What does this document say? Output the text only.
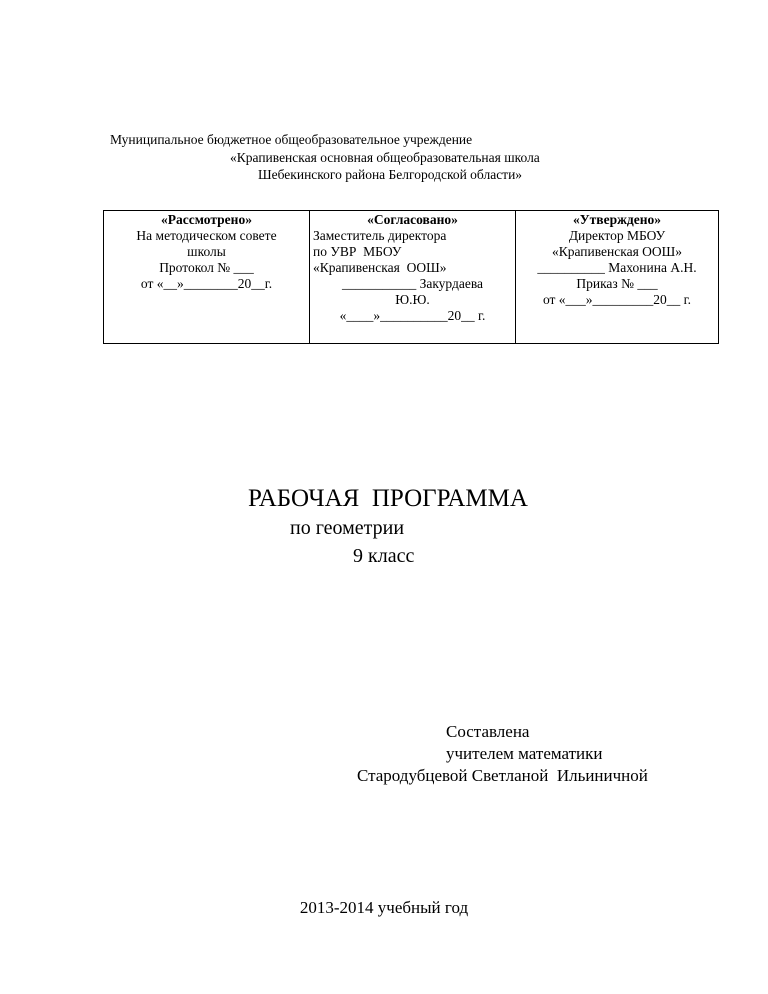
Муниципальное бюджетное общеобразовательное учреждение
«Крапивенская основная общеобразовательная школа
Шебекинского района Белгородской области»
«Рассмотрено»
На методическом совете
школы
Протокол № ___
от «__»________20__г.

«Согласовано»
Заместитель директора
по УВР  МБОУ
«Крапивенская  ООШ»
___________ Закурдаева
Ю.Ю.
«____»__________20__ г.

«Утверждено»
Директор МБОУ
«Крапивенская ООШ»
__________ Махонина А.Н.
Приказ № ___
от «___»_________20__ г.
РАБОЧАЯ  ПРОГРАММА
по геометрии
9 класс
Составлена
учителем математики
Стародубцевой Светланой  Ильиничной
2013-2014 учебный год
